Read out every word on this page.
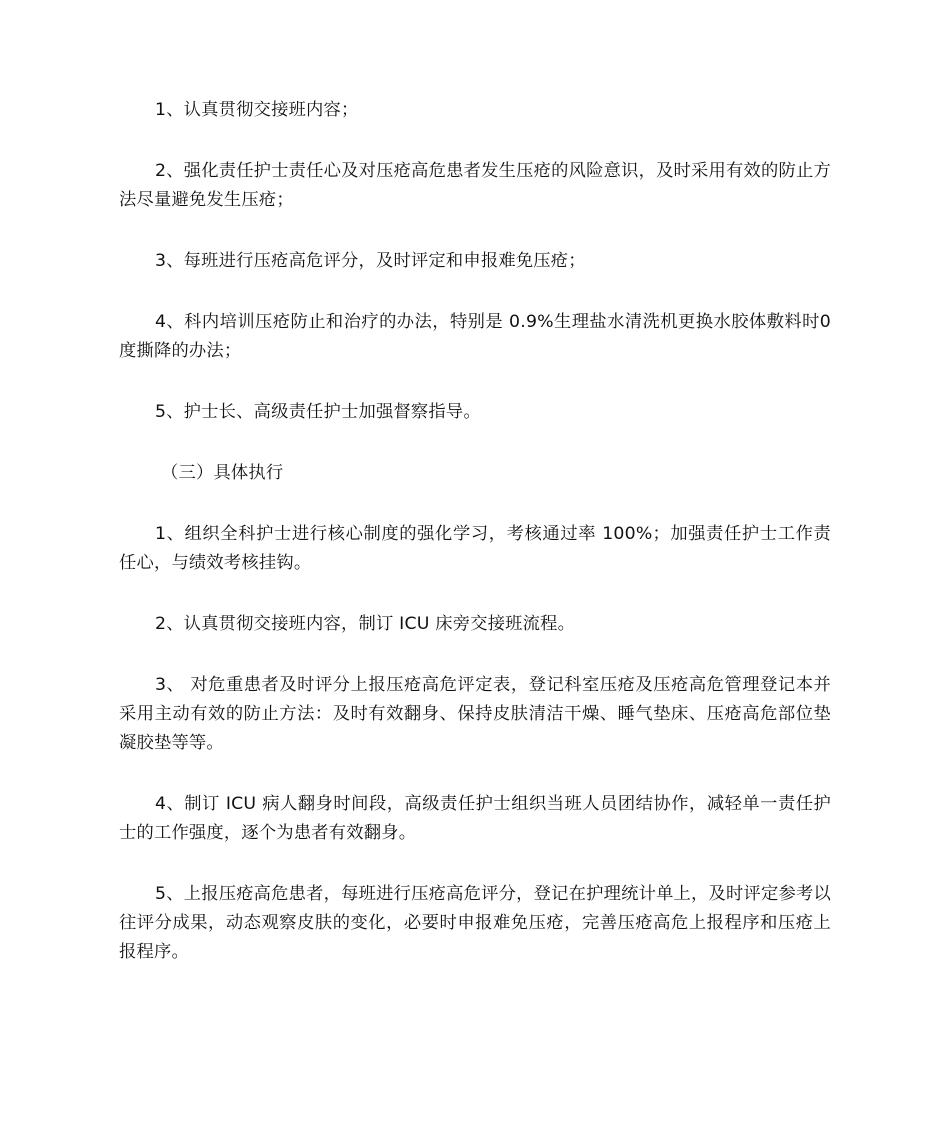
1、认真贯彻交接班内容；

2、强化责任护士责任心及对压疮高危患者发生压疮的风险意识，及时采用有效的防止方法尽量避免发生压疮；

3、每班进行压疮高危评分，及时评定和申报难免压疮；

4、科内培训压疮防止和治疗的办法，特别是 0.9%生理盐水清洗机更换水胶体敷料时0 度撕降的办法；

5、护士长、高级责任护士加强督察指导。

（三）具体执行

1、组织全科护士进行核心制度的强化学习，考核通过率 100%；加强责任护士工作责任心，与绩效考核挂钩。

2、认真贯彻交接班内容，制订 ICU 床旁交接班流程。

3、 对危重患者及时评分上报压疮高危评定表，登记科室压疮及压疮高危管理登记本并采用主动有效的防止方法：及时有效翻身、保持皮肤清洁干燥、睡气垫床、压疮高危部位垫凝胶垫等等。

4、制订 ICU 病人翻身时间段，高级责任护士组织当班人员团结协作，减轻单一责任护士的工作强度，逐个为患者有效翻身。

5、上报压疮高危患者，每班进行压疮高危评分，登记在护理统计单上，及时评定参考以往评分成果，动态观察皮肤的变化，必要时申报难免压疮，完善压疮高危上报程序和压疮上报程序。
